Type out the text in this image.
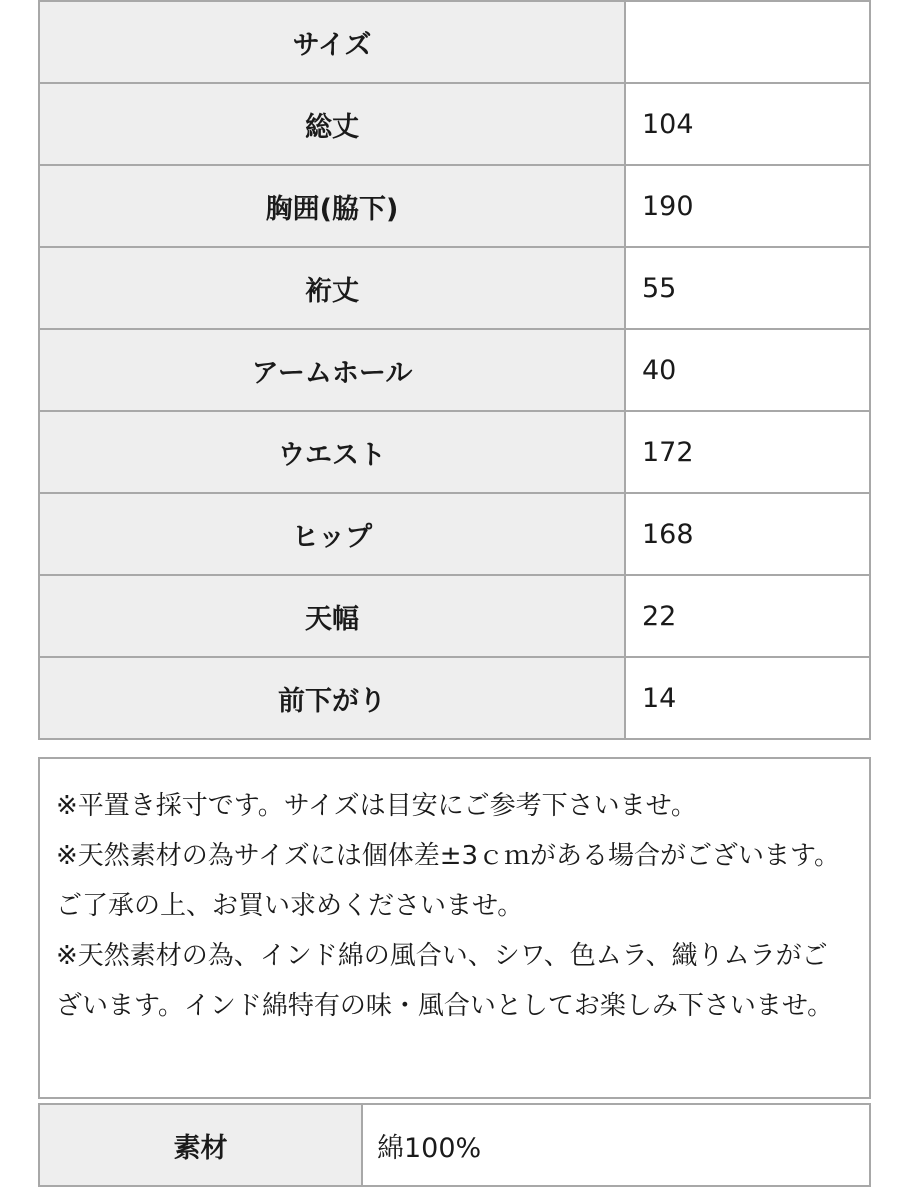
サイズ	
総丈	104
胸囲(脇下)	190
裄丈	55
アームホール	40
ウエスト	172
ヒップ	168
天幅	22
前下がり	14

※平置き採寸です。サイズは目安にご参考下さいませ。

※天然素材の為サイズには個体差±3ｃｍがある場合がございます。ご了承の上、お買い求めくださいませ。

※天然素材の為、インド綿の風合い、シワ、色ムラ、織りムラがございます。インド綿特有の味・風合いとしてお楽しみ下さいませ。

素材	綿100%
